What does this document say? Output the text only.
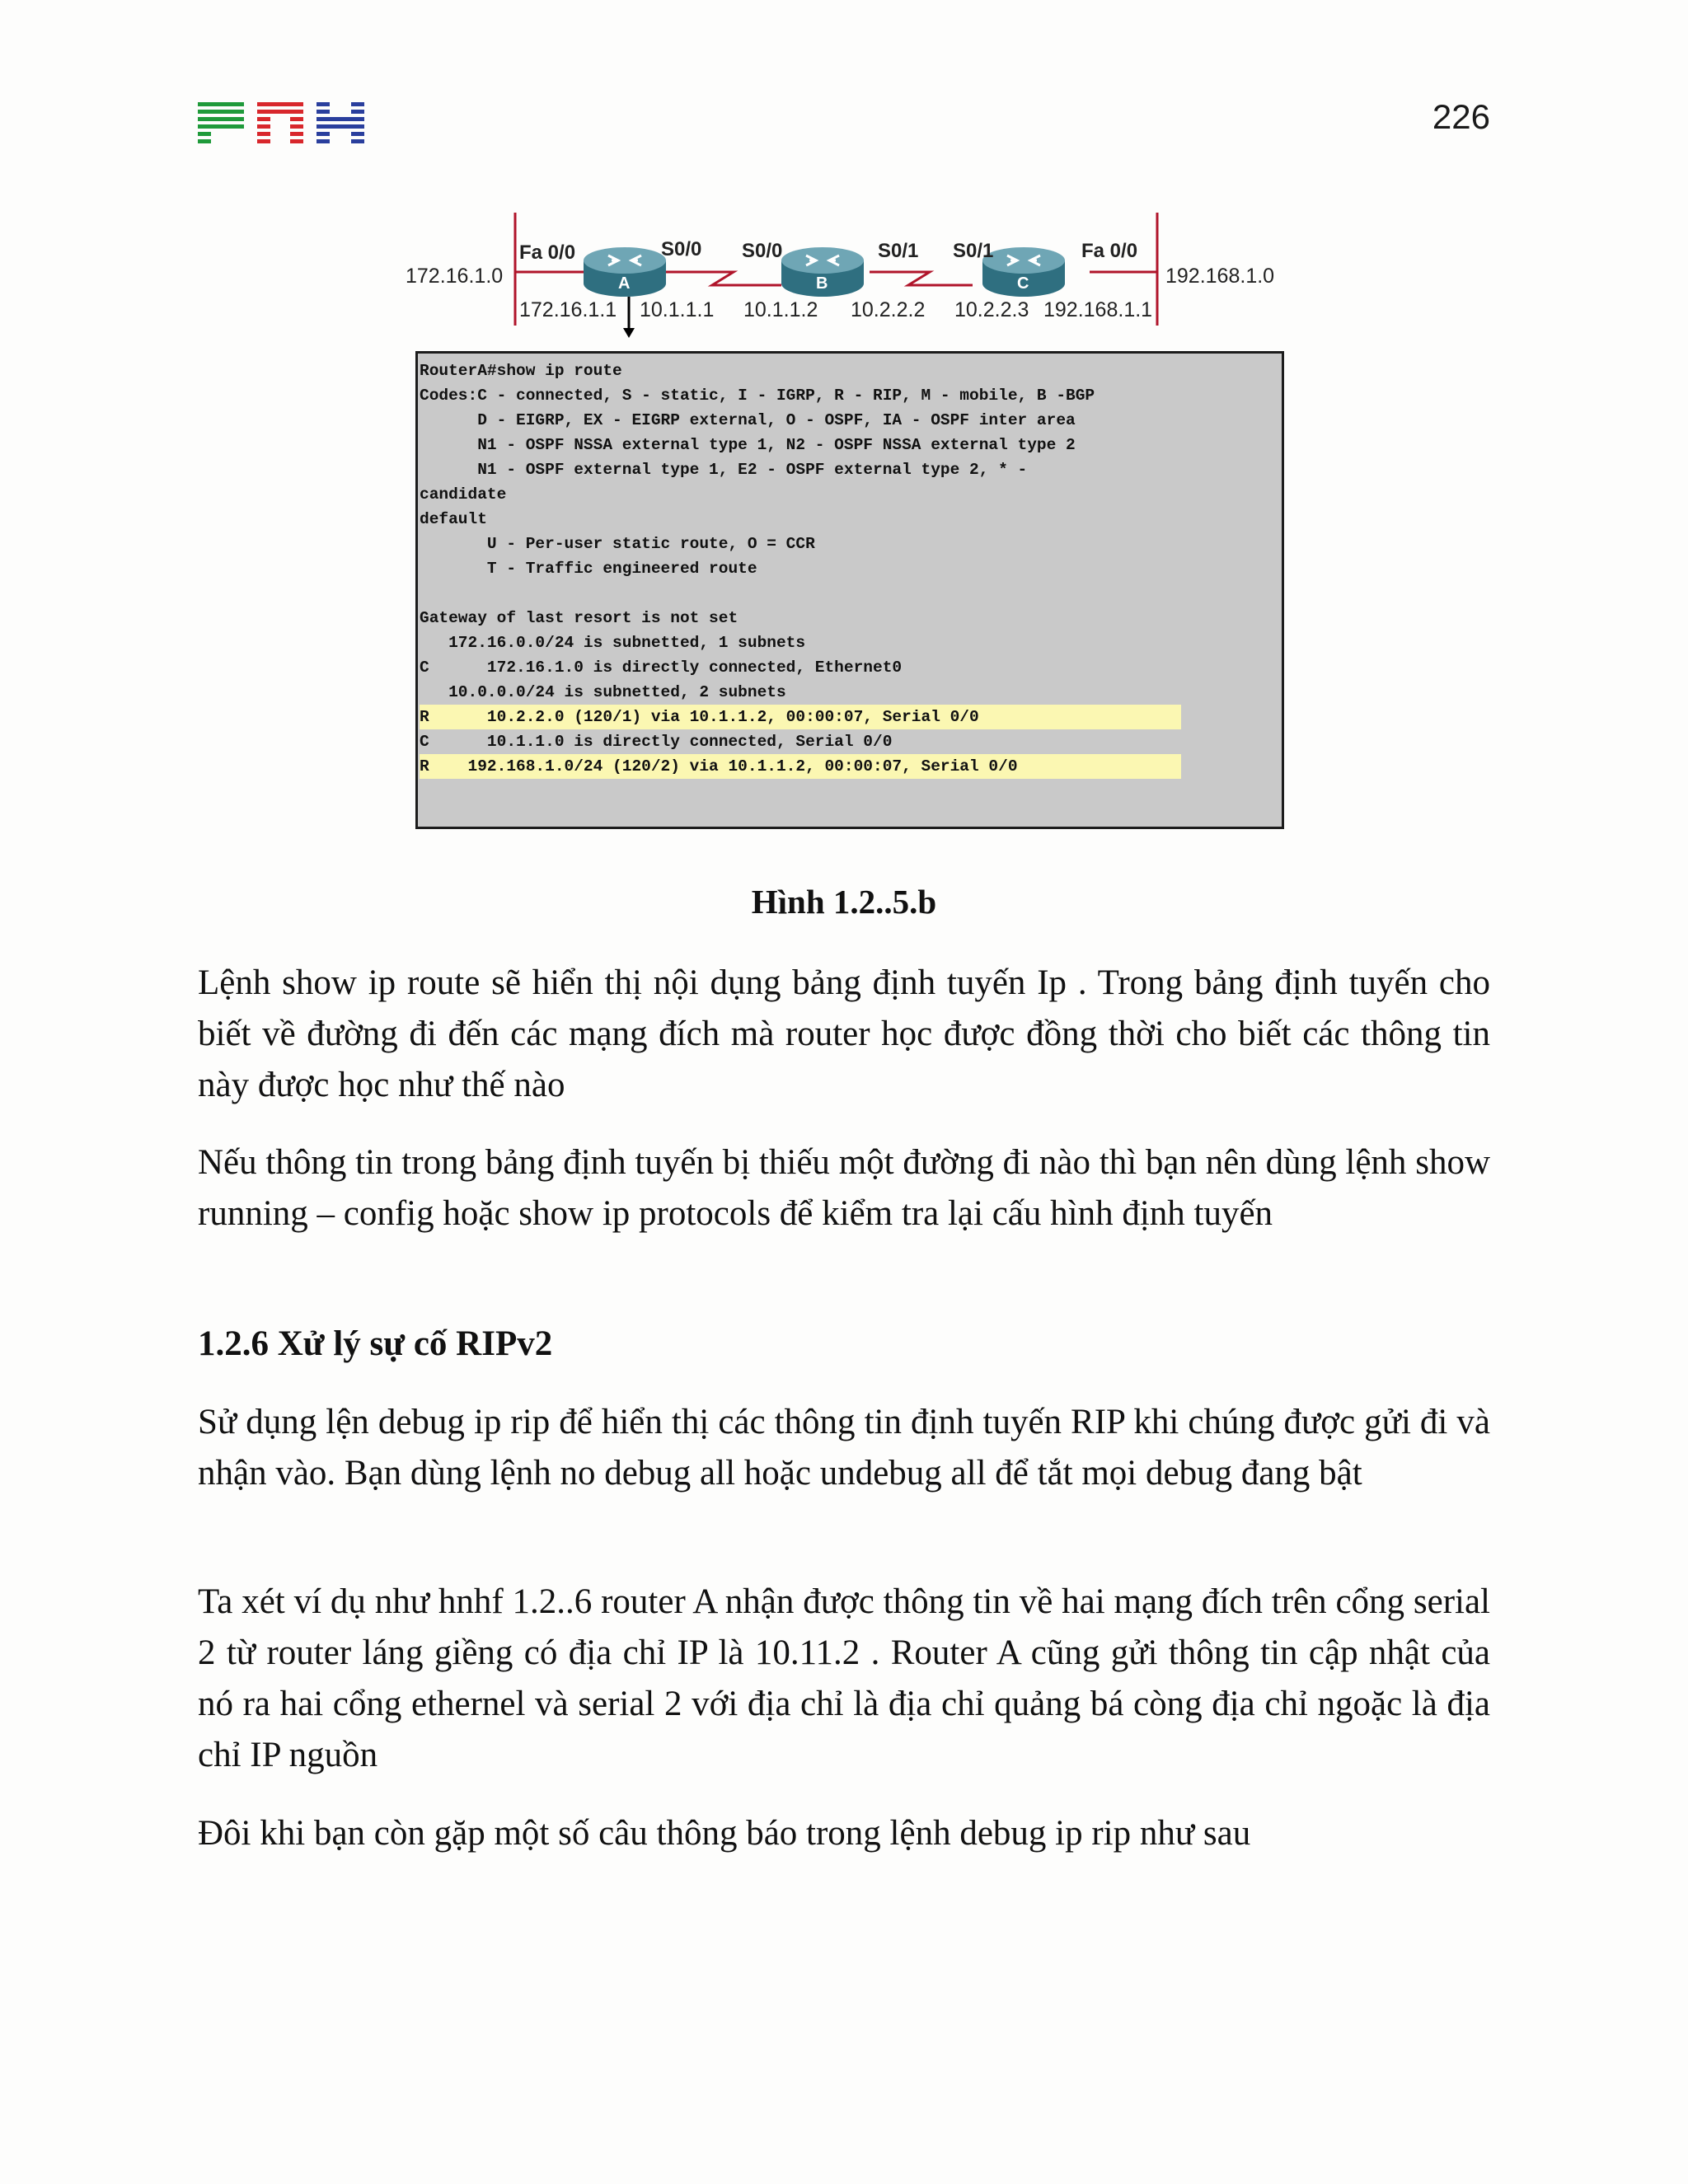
226
A	B	C
Fa 0/0	S0/0 S0/0	S0/1 S0/1	Fa 0/0
172.16.1.0	192.168.1.0
172.16.1.1 10.1.1.1 10.1.1.2 10.2.2.2 10.2.2.3 192.168.1.1
RouterA#show ip route
Codes:C - connected, S - static, I - IGRP, R - RIP, M - mobile, B -BGP
D - EIGRP, EX - EIGRP external, O - OSPF, IA - OSPF inter area
N1 - OSPF NSSA external type 1, N2 - OSPF NSSA external type 2
N1 - OSPF external type 1, E2 - OSPF external type 2, * -
candidate
default
U - Per-user static route, O = CCR
T - Traffic engineered route
Gateway of last resort is not set
172.16.0.0/24 is subnetted, 1 subnets
C      172.16.1.0 is directly connected, Ethernet0
10.0.0.0/24 is subnetted, 2 subnets
R      10.2.2.0 (120/1) via 10.1.1.2, 00:00:07, Serial 0/0
C      10.1.1.0 is directly connected, Serial 0/0
R    192.168.1.0/24 (120/2) via 10.1.1.2, 00:00:07, Serial 0/0
Hình 1.2..5.b

Lệnh show ip route sẽ hiển thị nội dụng bảng định tuyến Ip . Trong bảng định tuyến cho biết về đường đi đến các mạng đích mà router học được đồng thời cho biết các thông tin này được học như thế nào

Nếu thông tin trong bảng định tuyến bị thiếu một đường đi nào thì bạn nên dùng lệnh show running – config hoặc show ip protocols để kiểm tra lại cấu hình định tuyến

1.2.6 Xử lý sự cố RIPv2

Sử dụng lện debug ip rip để hiển thị các thông tin định tuyến RIP khi chúng được gửi đi và nhận vào. Bạn dùng lệnh no debug all hoặc undebug all để tắt mọi debug đang bật

Ta xét ví dụ như hnhf 1.2..6 router A nhận được thông tin về hai mạng đích trên cổng serial 2 từ router láng giềng có địa chỉ IP là 10.11.2 . Router A cũng gửi thông tin cập nhật của nó ra hai cổng ethernel và serial 2 với địa chỉ là địa chỉ quảng bá còng địa chỉ ngoặc là địa chỉ IP nguồn

Đôi khi bạn còn gặp một số câu thông báo trong lệnh debug ip rip như sau
